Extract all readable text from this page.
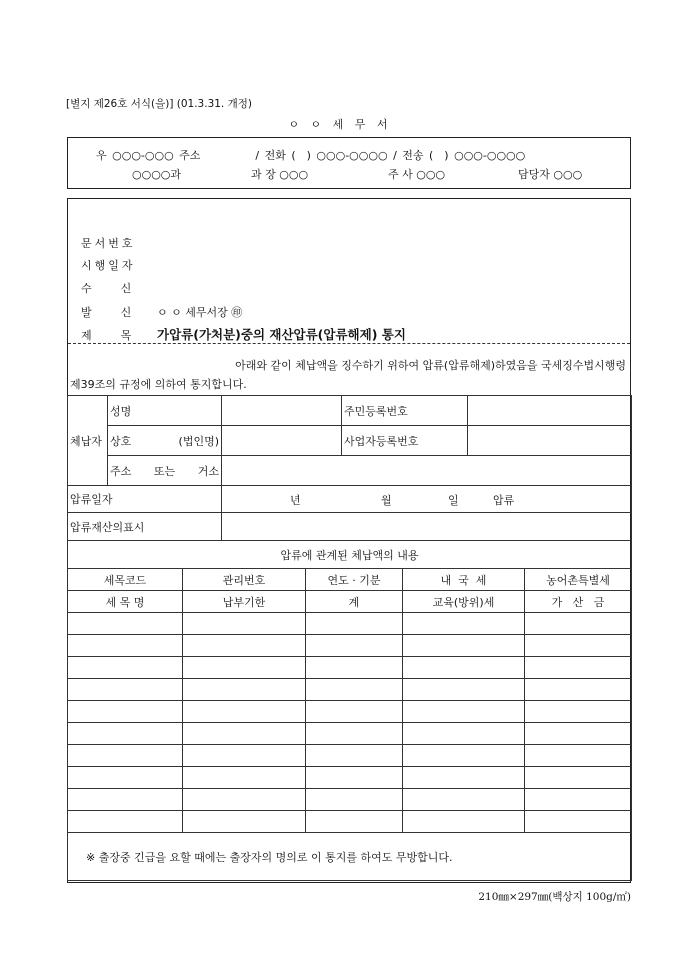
[별지 제26호 서식(을)] (01.3.31. 개정)
ㅇ ㅇ 세 무 서
우 ○○○-○○○ 주소          / 전화 (  ) ○○○-○○○○ / 전송 (  ) ○○○-○○○○
○○○○과	과 장 ○○○	주 사 ○○○	담당자 ○○○
문서번호
시행일자
수    신
발    신 ㅇ ㅇ 세무서장 ㊞
제    목 가압류(가처분)중의 재산압류(압류해제) 통지
아래와 같이 체납액을 징수하기 위하여 압류(압류해제)하였음을 국세징수법시행령
제39조의 규정에 의하여 통지합니다.
체납자	성명		주민등록번호	
	상호 (법인명)		사업자등록번호	
	주소 또는 거소			
압류일자		년 월 일 압류		

압류재산의표시				
압류에 관계된 체납액의 내용				
세목코드	관리번호	연도 · 기분	내  국  세	농어촌특별세
세 목 명	납부기한	계	교육(방위)세	가   산   금

※ 출장중 긴급을 요할 때에는 출장자의 명의로 이 통지를 하여도 무방합니다.				
210㎜×297㎜(백상지 100g/㎡)
